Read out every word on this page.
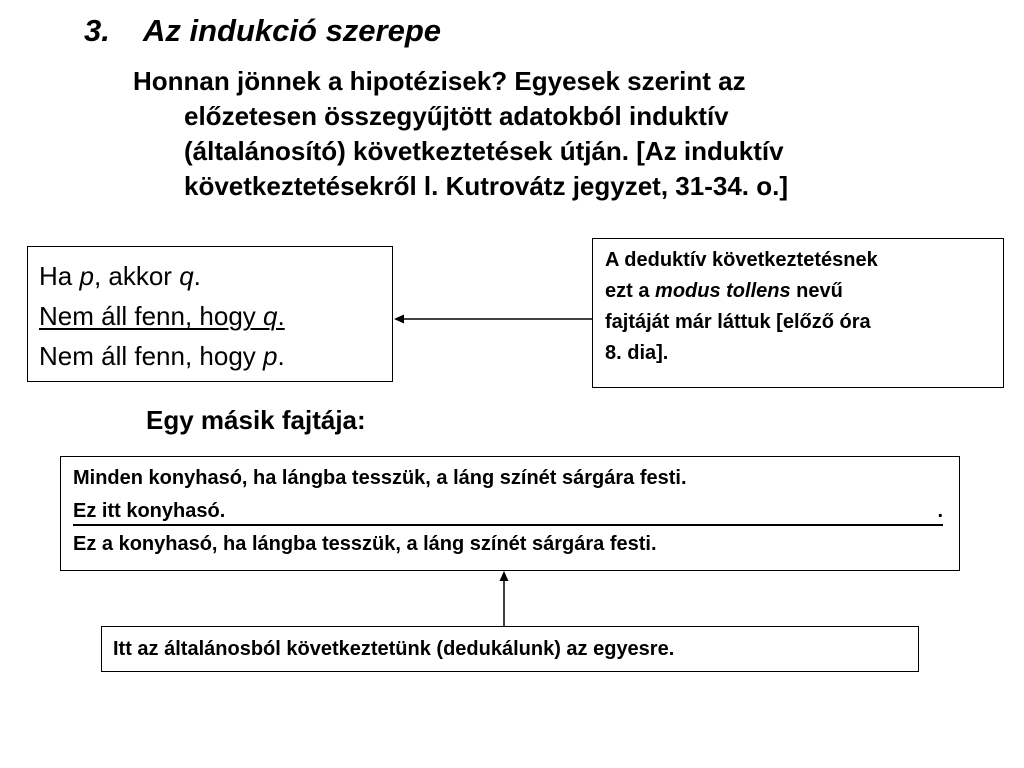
3. Az indukció szerepe
Honnan jönnek a hipotézisek? Egyesek szerint az
előzetesen összegyűjtött adatokból induktív
(általánosító) következtetések útján. [Az induktív
következtetésekről l. Kutrovátz jegyzet, 31-34. o.]
Ha p, akkor q.
Nem áll fenn, hogy q.
Nem áll fenn, hogy p.
A deduktív következtetésnek
ezt a modus tollens nevű
fajtáját már láttuk [előző óra
8. dia].
Egy másik fajtája:
Minden konyhasó, ha lángba tesszük, a láng színét sárgára festi.
Ez itt konyhasó.	.
Ez a konyhasó, ha lángba tesszük, a láng színét sárgára festi.
Itt az általánosból következtetünk (dedukálunk) az egyesre.
